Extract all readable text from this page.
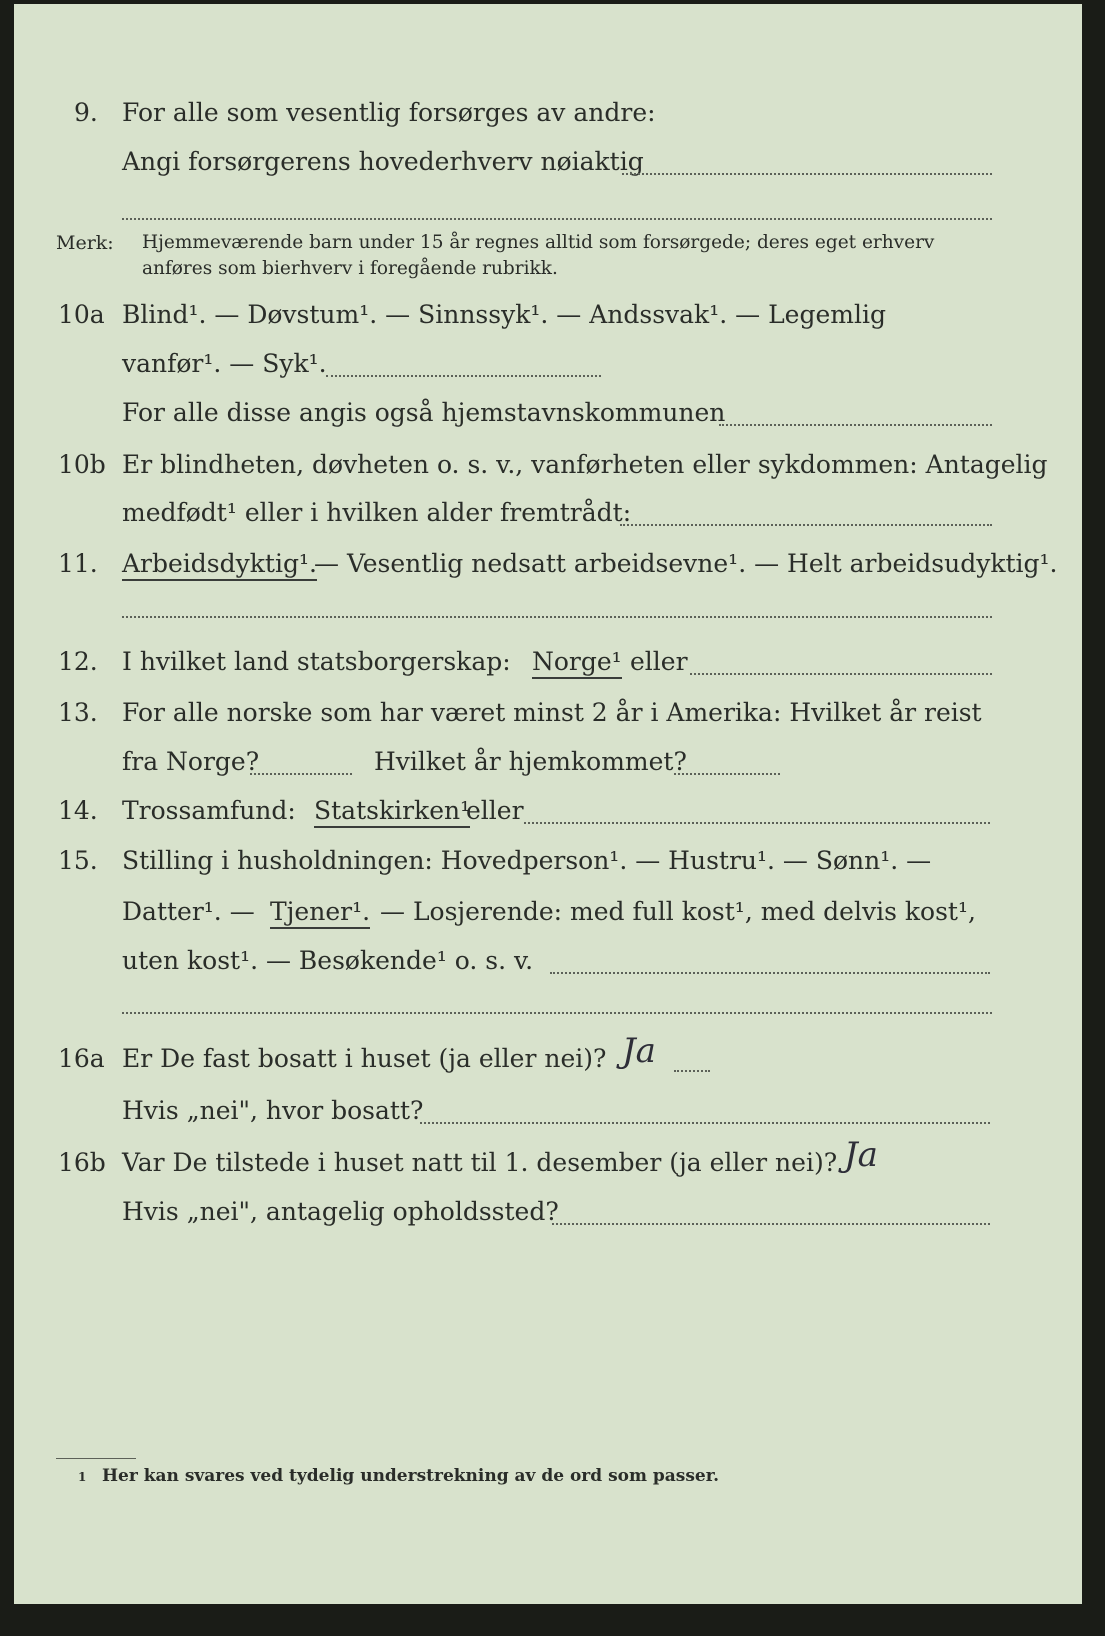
9. For alle som vesentlig forsørges av andre:
Angi forsørgerens hovederhverv nøiaktig
Merk: Hjemmeværende barn under 15 år regnes alltid som forsørgede; deres eget erhverv
anføres som bierhverv i foregående rubrikk.
10a Blind¹. — Døvstum¹. — Sinnssyk¹. — Andssvak¹. — Legemlig
vanfør¹. — Syk¹.
For alle disse angis også hjemstavnskommunen
10b Er blindheten, døvheten o. s. v., vanførheten eller sykdommen: Antagelig
medfødt¹ eller i hvilken alder fremtrådt:
11. Arbeidsdyktig¹.
— Vesentlig nedsatt arbeidsevne¹. — Helt arbeidsudyktig¹.
12. I hvilket land statsborgerskap: Norge¹ eller
13. For alle norske som har været minst 2 år i Amerika: Hvilket år reist
fra Norge?	Hvilket år hjemkommet?
14. Trossamfund: Statskirken¹
eller
15. Stilling i husholdningen: Hovedperson¹. — Hustru¹. — Sønn¹. —
Datter¹. — Tjener¹. — Losjerende: med full kost¹, med delvis kost¹,
uten kost¹. — Besøkende¹ o. s. v.
16a Er De fast bosatt i huset (ja eller nei)? Ja
Hvis „nei", hvor bosatt?
16b Var De tilstede i huset natt til 1. desember (ja eller nei)? Ja
Hvis „nei", antagelig opholdssted?
1 Her kan svares ved tydelig understrekning av de ord som passer.
